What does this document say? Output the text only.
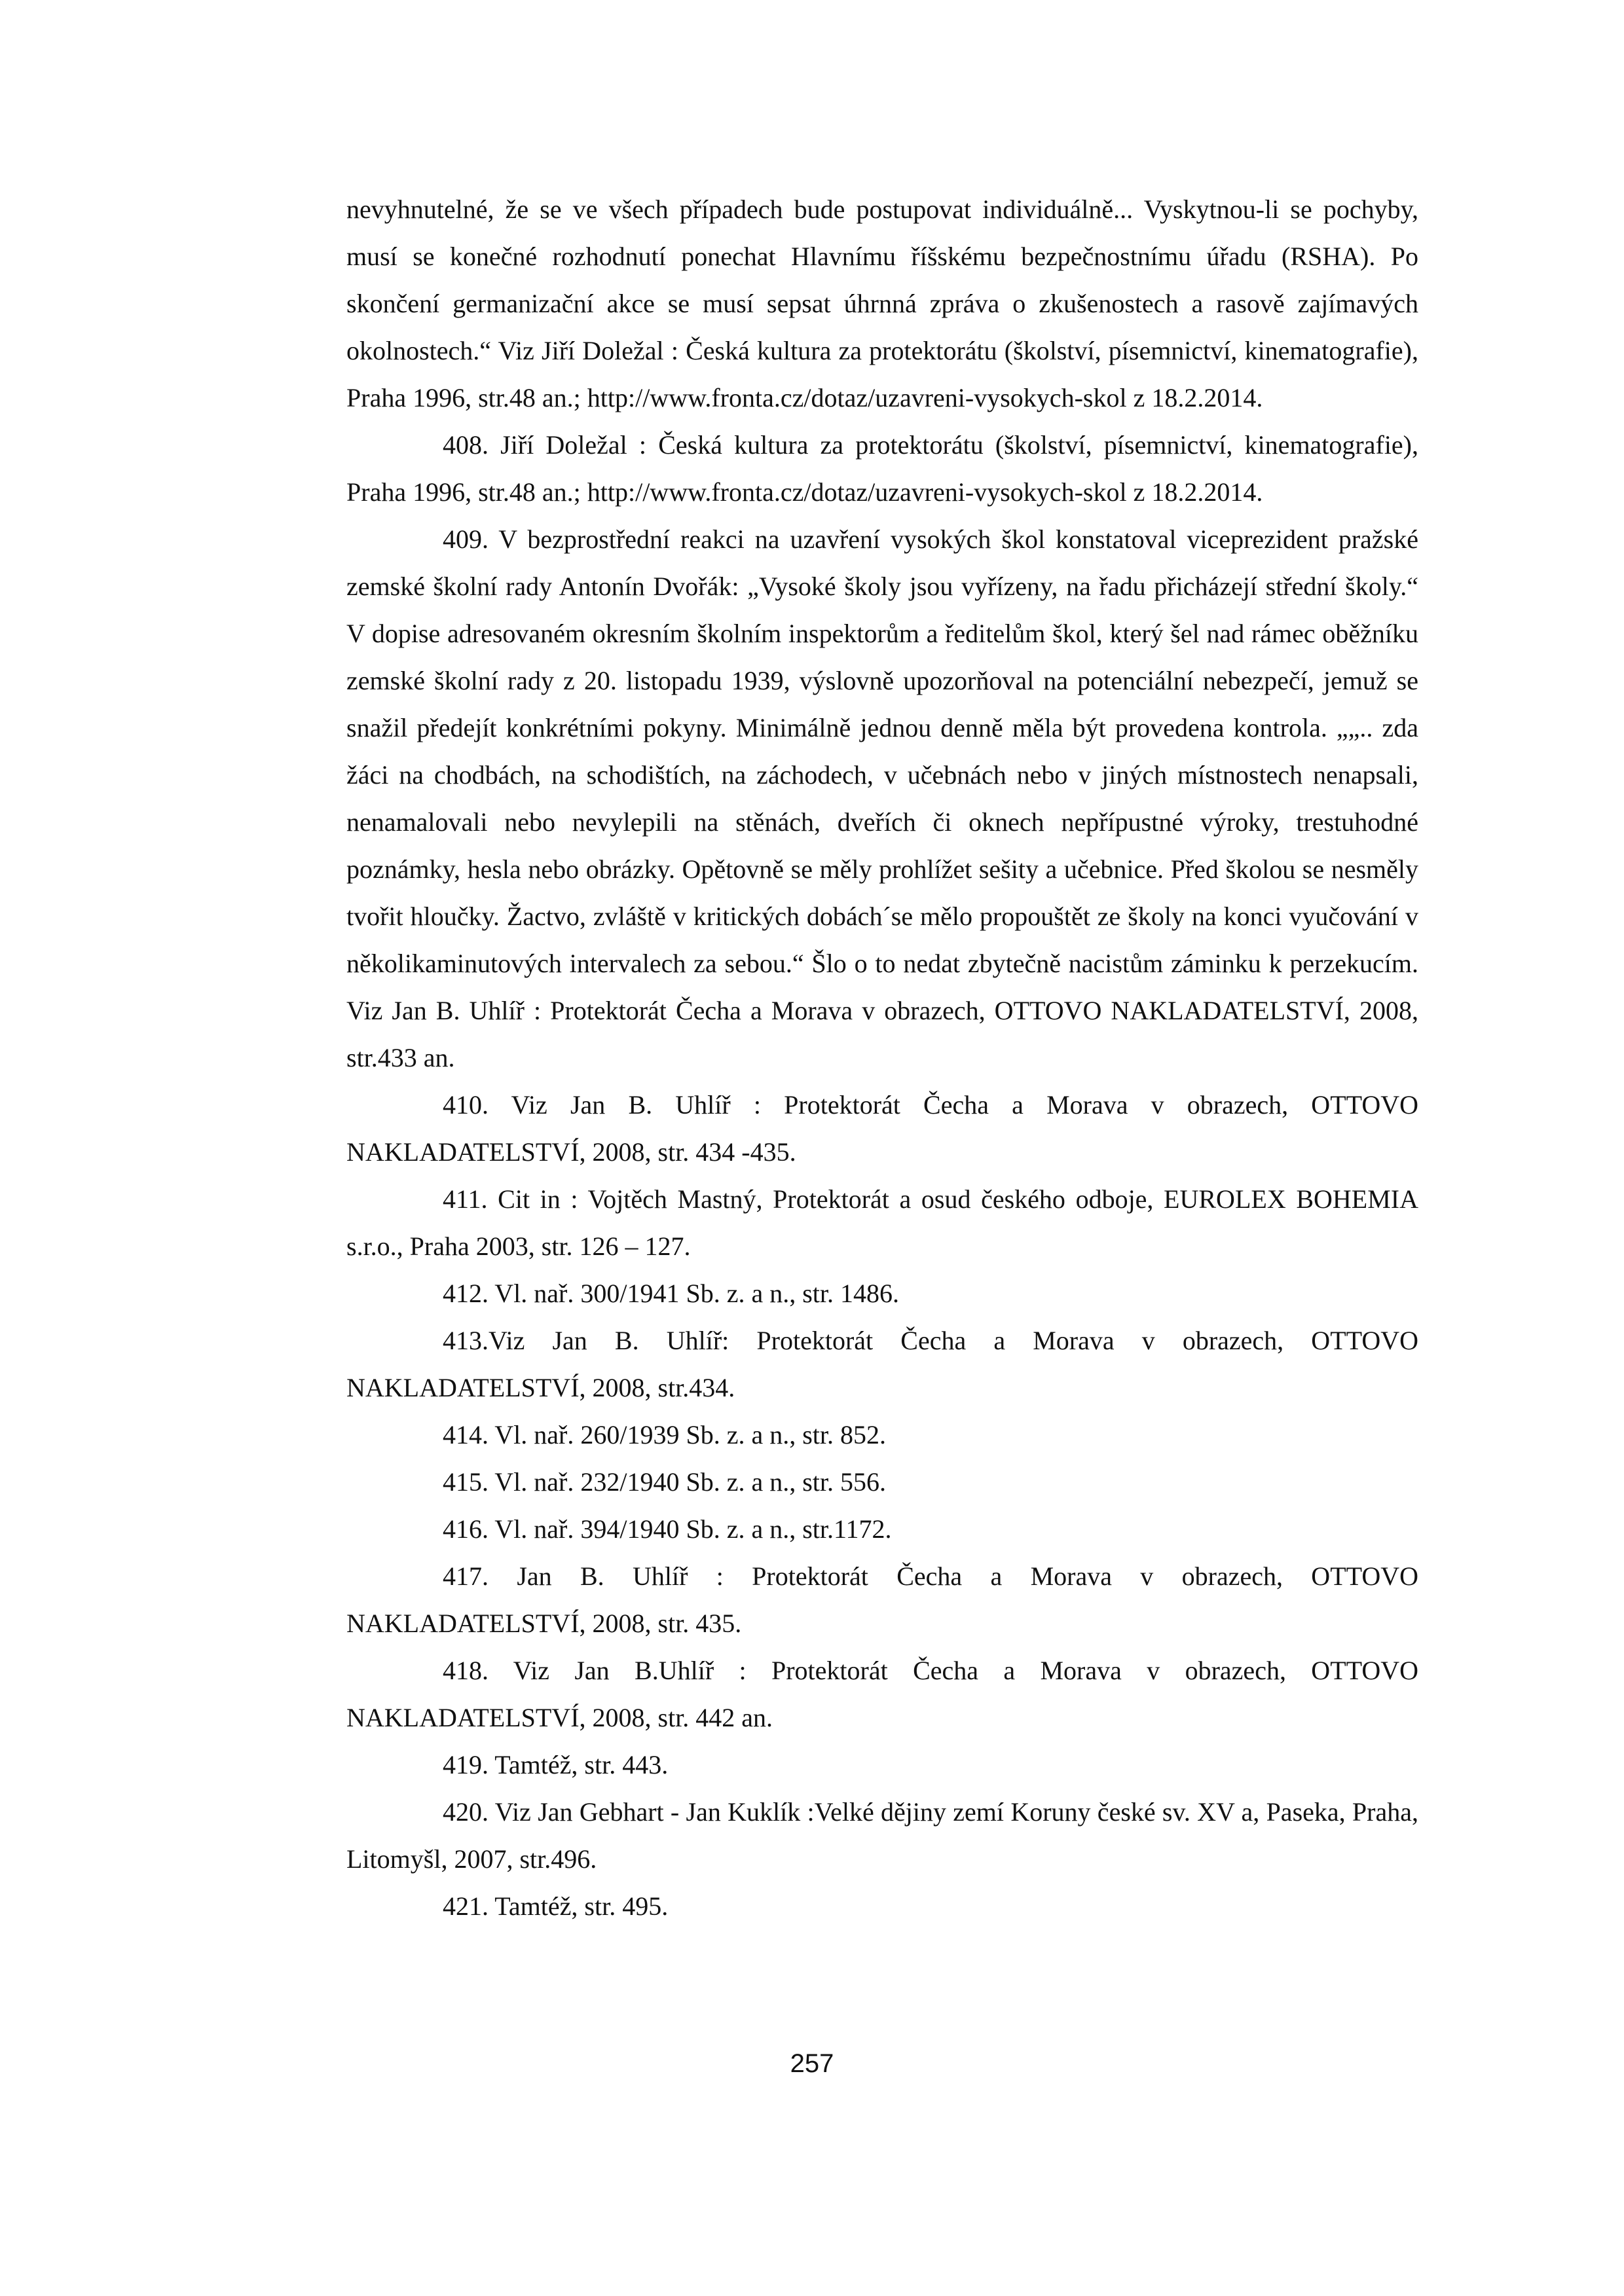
nevyhnutelné, že se ve všech případech bude postupovat individuálně... Vyskytnou-li se pochyby, musí se konečné rozhodnutí ponechat Hlavnímu říšskému bezpečnostnímu úřadu (RSHA). Po skončení germanizační akce se musí sepsat úhrnná zpráva o zkušenostech a rasově zajímavých okolnostech.“ Viz Jiří Doležal : Česká kultura za protektorátu (školství, písemnictví, kinematografie), Praha 1996, str.48 an.; http://www.fronta.cz/dotaz/uzavreni-vysokych-skol z 18.2.2014.

408. Jiří Doležal : Česká kultura za protektorátu (školství, písemnictví, kinematografie), Praha 1996, str.48 an.; http://www.fronta.cz/dotaz/uzavreni-vysokych-skol z 18.2.2014.

409. V bezprostřední reakci na uzavření vysokých škol konstatoval viceprezident pražské zemské školní rady Antonín Dvořák: „Vysoké školy jsou vyřízeny, na řadu přicházejí střední školy.“ V dopise adresovaném okresním školním inspektorům a ředitelům škol, který šel nad rámec oběžníku zemské školní rady z 20. listopadu 1939, výslovně upozorňoval na potenciální nebezpečí, jemuž se snažil předejít konkrétními pokyny. Minimálně jednou denně měla být provedena kontrola. „„.. zda žáci na chodbách, na schodištích, na záchodech, v učebnách nebo v jiných místnostech nenapsali, nenamalovali nebo nevylepili na stěnách, dveřích či oknech nepřípustné výroky, trestuhodné poznámky, hesla nebo obrázky. Opětovně se měly prohlížet sešity a učebnice. Před školou se nesměly tvořit hloučky. Žactvo, zvláště v kritických dobách´se mělo propouštět ze školy na konci vyučování v několikaminutových intervalech za sebou.“ Šlo o to nedat zbytečně nacistům záminku k perzekucím. Viz Jan B. Uhlíř : Protektorát Čecha a Morava v obrazech, OTTOVO NAKLADATELSTVÍ, 2008, str.433 an.

410. Viz Jan B. Uhlíř : Protektorát Čecha a Morava v obrazech, OTTOVO NAKLADATELSTVÍ, 2008, str. 434 -435.

411. Cit in : Vojtěch Mastný, Protektorát a osud českého odboje, EUROLEX BOHEMIA s.r.o., Praha 2003, str. 126 – 127.

412. Vl. nař. 300/1941 Sb. z. a n., str. 1486.

413.Viz Jan B. Uhlíř: Protektorát Čecha a Morava v obrazech, OTTOVO NAKLADATELSTVÍ, 2008, str.434.

414. Vl. nař. 260/1939 Sb. z. a n., str. 852.

415. Vl. nař. 232/1940 Sb. z. a n., str. 556.

416. Vl. nař. 394/1940 Sb. z. a n., str.1172.

417. Jan B. Uhlíř : Protektorát Čecha a Morava v obrazech, OTTOVO NAKLADATELSTVÍ, 2008, str. 435.

418. Viz Jan B.Uhlíř : Protektorát Čecha a Morava v obrazech, OTTOVO NAKLADATELSTVÍ, 2008, str. 442 an.

419. Tamtéž, str. 443.

420. Viz Jan Gebhart - Jan Kuklík :Velké dějiny zemí Koruny české sv. XV a, Paseka, Praha, Litomyšl, 2007, str.496.

421. Tamtéž, str. 495.

257
